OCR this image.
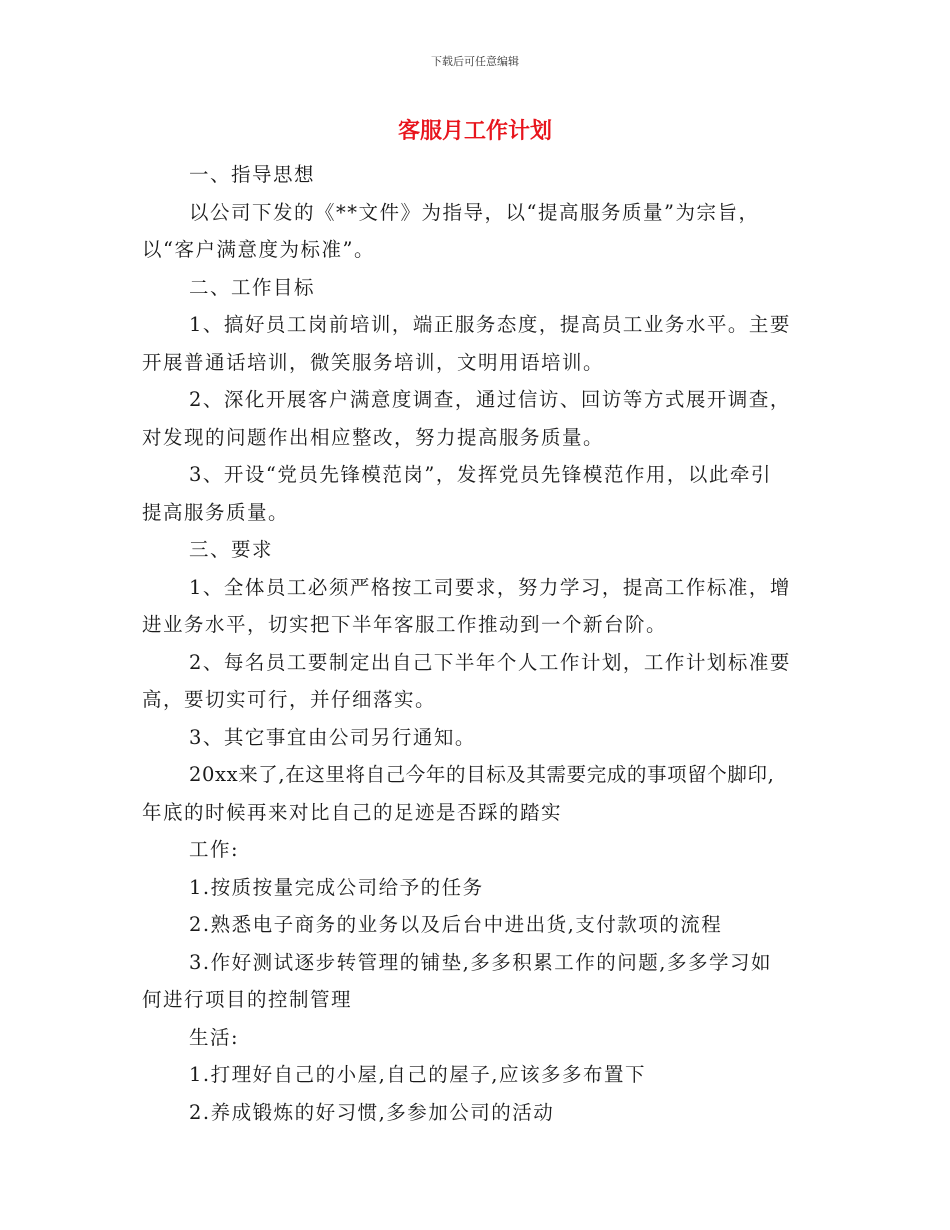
下载后可任意编辑
客服月工作计划

一、指导思想

以公司下发的《**文件》为指导，以“提高服务质量”为宗旨，

以“客户满意度为标准”。

二、工作目标

1、搞好员工岗前培训，端正服务态度，提高员工业务水平。主要

开展普通话培训，微笑服务培训，文明用语培训。

2、深化开展客户满意度调查，通过信访、回访等方式展开调查，

对发现的问题作出相应整改，努力提高服务质量。

3、开设“党员先锋模范岗”，发挥党员先锋模范作用，以此牵引

提高服务质量。

三、要求

1、全体员工必须严格按工司要求，努力学习，提高工作标准，增

进业务水平，切实把下半年客服工作推动到一个新台阶。

2、每名员工要制定出自己下半年个人工作计划，工作计划标准要

高，要切实可行，并仔细落实。

3、其它事宜由公司另行通知。

20xx来了,在这里将自己今年的目标及其需要完成的事项留个脚印,

年底的时候再来对比自己的足迹是否踩的踏实

工作:

1.按质按量完成公司给予的任务

2.熟悉电子商务的业务以及后台中进出货,支付款项的流程

3.作好测试逐步转管理的铺垫,多多积累工作的问题,多多学习如

何进行项目的控制管理

生活:

1.打理好自己的小屋,自己的屋子,应该多多布置下

2.养成锻炼的好习惯,多参加公司的活动
